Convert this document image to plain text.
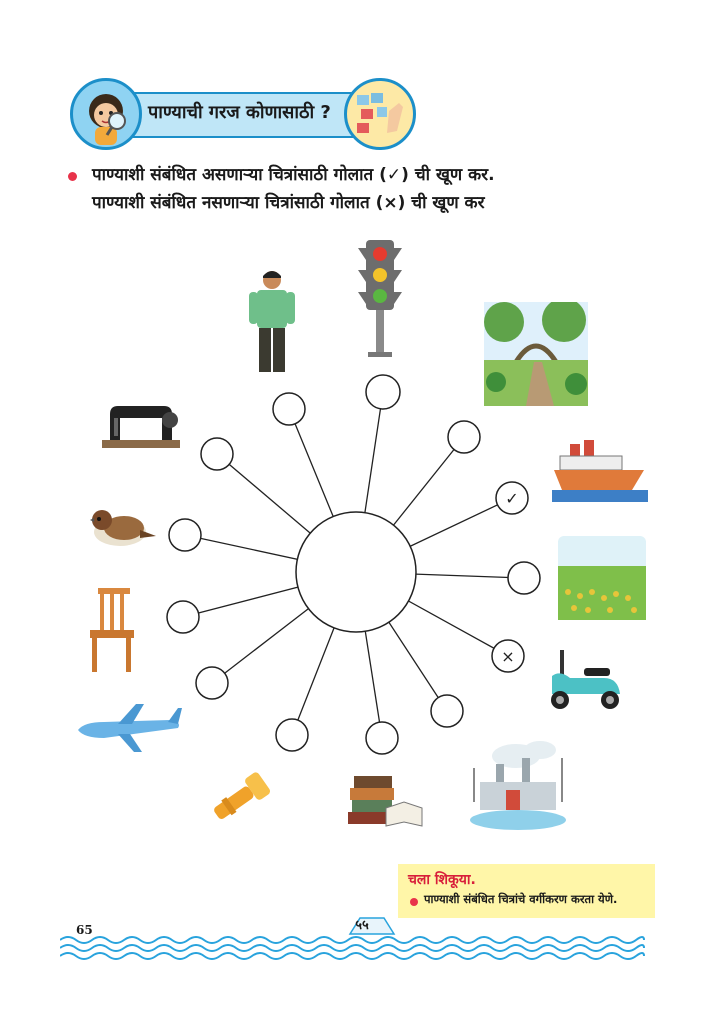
पाण्याची गरज कोणासाठी ?
पाण्याशी संबंधित असणाऱ्या चित्रांसाठी गोलात (✓) ची खूण कर.
पाण्याशी संबंधित नसणाऱ्या चित्रांसाठी गोलात (×) ची खूण कर
✓
×
चला शिकूया.
पाण्याशी संबंधित चित्रांचे वर्गीकरण करता येणे.
65	५५
